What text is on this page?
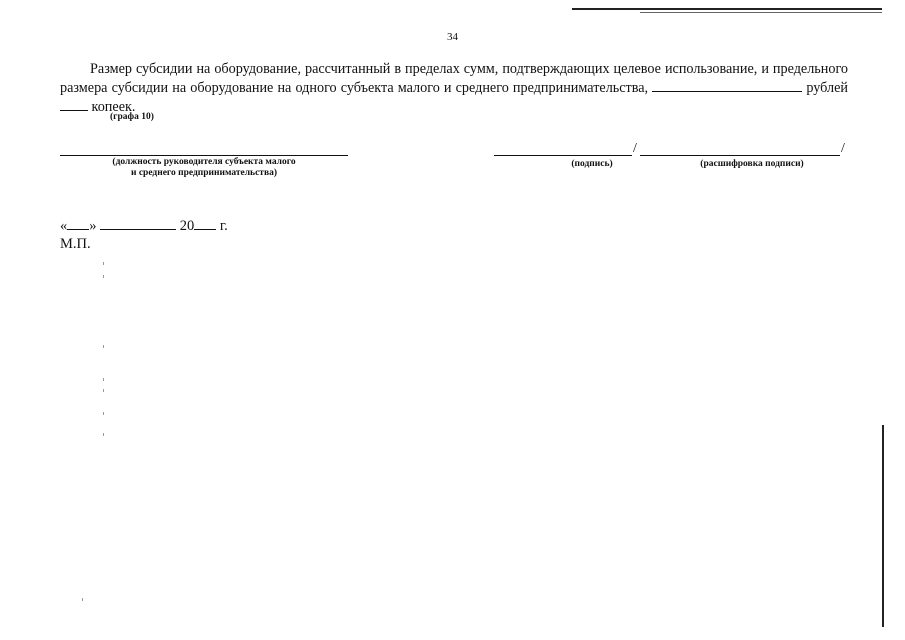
34
Размер субсидии на оборудование, рассчитанный в пределах сумм, подтверждающих целевое использование, и предельного размера субсидии на оборудование на одного субъекта малого и среднего предпринимательства,	рублей  копеек.
(графа 10)
/	/
(должность руководителя субъекта малого
и среднего предпринимательства)
(подпись)	(расшифровка подписи)
« »	20 г.
М.П.
